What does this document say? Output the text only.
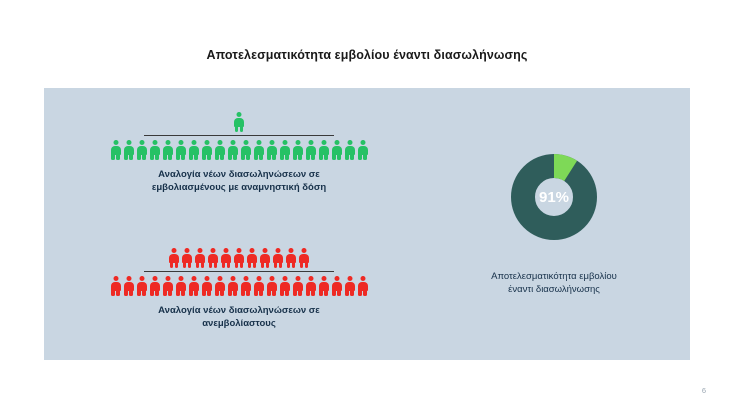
Αποτελεσματικότητα εμβολίου έναντι διασωλήνωσης
Αναλογία νέων διασωληνώσεων σε
εμβολιασμένους με αναμνηστική δόση
Αναλογία νέων διασωληνώσεων σε
ανεμβολίαστους
91%
Αποτελεσματικότητα εμβολίου
έναντι διασωλήνωσης
6
